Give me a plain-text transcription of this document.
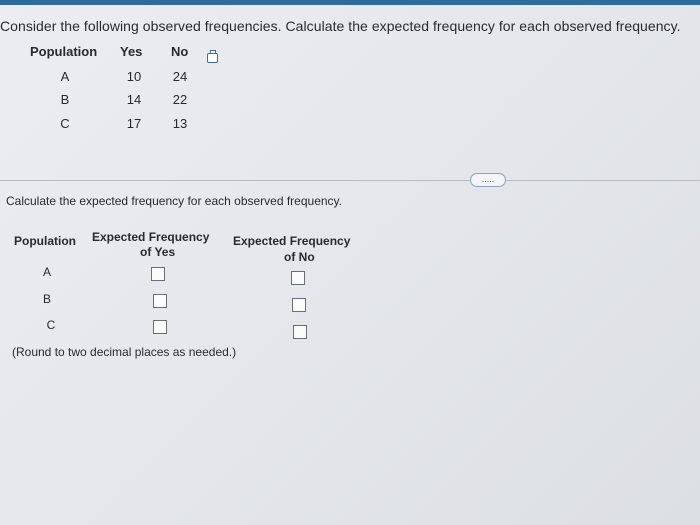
Consider the following observed frequencies. Calculate the expected frequency for each observed frequency.
Population Yes No
A	10 24
B	14 22
C	17 13
.....
Calculate the expected frequency for each observed frequency.
Population Expected Frequency
of Yes
Expected Frequency
of No
A
B
C
(Round to two decimal places as needed.)
